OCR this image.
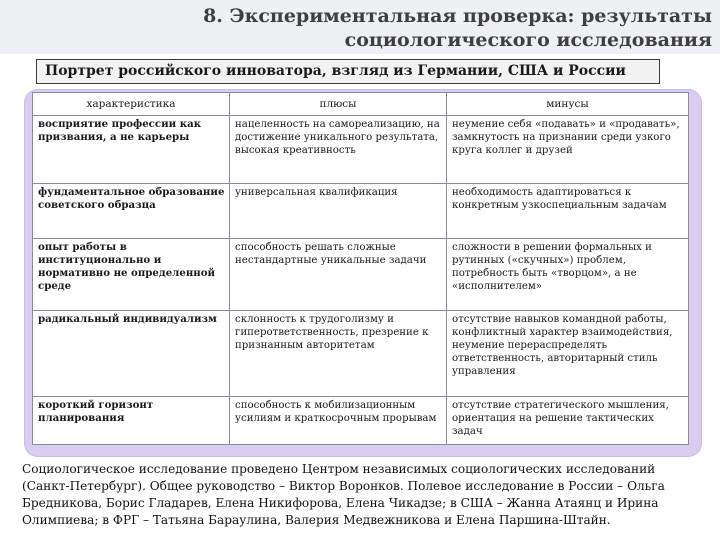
8. Экспериментальная проверка: результаты
социологического исследования
Портрет российского инноватора, взгляд из Германии, США и России
характеристика	плюсы	минусы
восприятие профессии как призвания, а не карьеры	нацеленность на самореализацию, на достижение уникального результата, высокая креативность	неумение себя «подавать» и «продавать», замкнутость на признании среди узкого круга коллег и друзей
фундаментальное образование советского образца	универсальная квалификация	необходимость адаптироваться к конкретным узкоспециальным задачам
опыт работы в институционально и нормативно не определенной среде	способность решать сложные нестандартные уникальные задачи	сложности в решении формальных и рутинных («скучных») проблем, потребность быть «творцом», а не «исполнителем»
радикальный индивидуализм	склонность к трудоголизму и гиперответственность, презрение к признанным авторитетам	отсутствие навыков командной работы, конфликтный характер взаимодействия, неумение перераспределять ответственность, авторитарный стиль управления
короткий горизонт планирования	способность к мобилизационным усилиям и краткосрочным прорывам	отсутствие стратегического мышления, ориентация на решение тактических задач
Социологическое исследование проведено Центром независимых социологических исследований (Санкт-Петербург). Общее руководство – Виктор Воронков. Полевое исследование в России – Ольга Бредникова, Борис Гладарев, Елена Никифорова, Елена Чикадзе; в США – Жанна Атаянц и Ирина Олимпиева; в ФРГ – Татьяна Бараулина, Валерия Медвежникова и Елена Паршина-Штайн.
